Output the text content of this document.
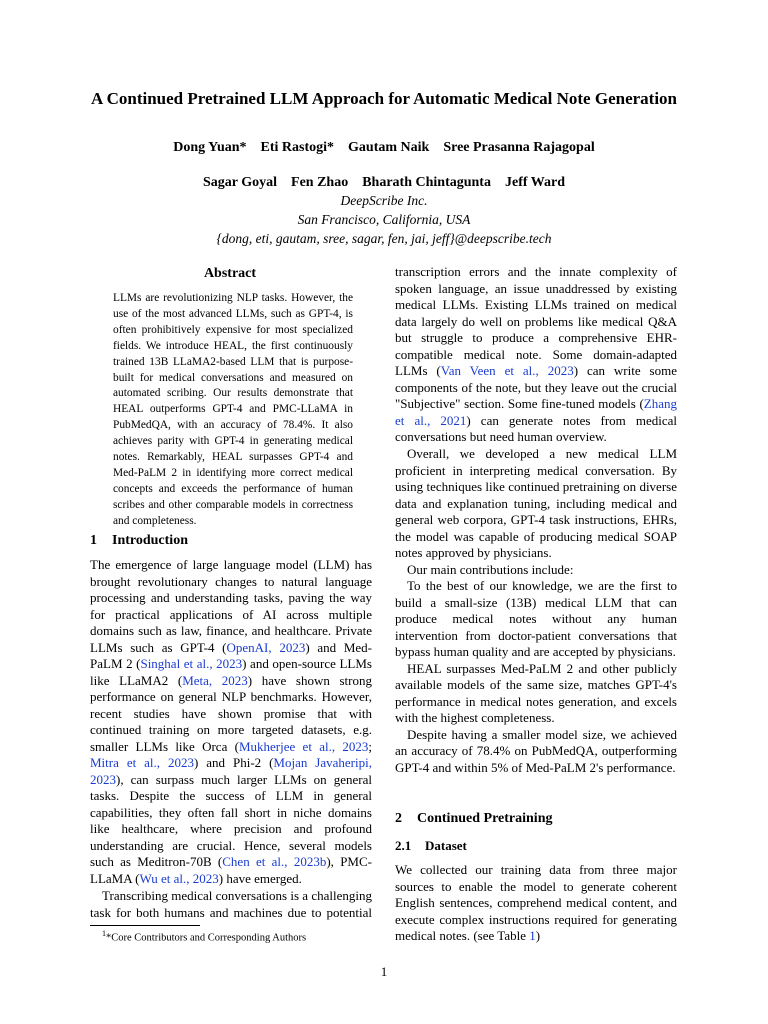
A Continued Pretrained LLM Approach for Automatic Medical Note Generation
Dong Yuan* Eti Rastogi* Gautam Naik Sree Prasanna Rajagopal
Sagar Goyal Fen Zhao Bharath Chintagunta Jeff Ward
DeepScribe Inc.
San Francisco, California, USA
{dong, eti, gautam, sree, sagar, fen, jai, jeff}@deepscribe.tech
Abstract
LLMs are revolutionizing NLP tasks. However, the use of the most advanced LLMs, such as GPT-4, is often prohibitively expensive for most specialized fields. We introduce HEAL, the first continuously trained 13B LLaMA2-based LLM that is purpose-built for medical conversations and measured on automated scribing. Our results demonstrate that HEAL outperforms GPT-4 and PMC-LLaMA in PubMedQA, with an accuracy of 78.4%. It also achieves parity with GPT-4 in generating medical notes. Remarkably, HEAL surpasses GPT-4 and Med-PaLM 2 in identifying more correct medical concepts and exceeds the performance of human scribes and other comparable models in correctness and completeness.
1 Introduction

The emergence of large language model (LLM) has brought revolutionary changes to natural language processing and understanding tasks, paving the way for practical applications of AI across multiple domains such as law, finance, and healthcare. Private LLMs such as GPT-4 (OpenAI, 2023) and Med-PaLM 2 (Singhal et al., 2023) and open-source LLMs like LLaMA2 (Meta, 2023) have shown strong performance on general NLP benchmarks. However, recent studies have shown promise that with continued training on more targeted datasets, e.g. smaller LLMs like Orca (Mukherjee et al., 2023; Mitra et al., 2023) and Phi-2 (Mojan Javaheripi, 2023), can surpass much larger LLMs on general tasks. Despite the success of LLM in general capabilities, they often fall short in niche domains like healthcare, where precision and profound understanding are crucial. Hence, several models such as Meditron-70B (Chen et al., 2023b), PMC-LLaMA (Wu et al., 2023) have emerged.

Transcribing medical conversations is a challenging task for both humans and machines due to potential

transcription errors and the innate complexity of spoken language, an issue unaddressed by existing medical LLMs. Existing LLMs trained on medical data largely do well on problems like medical Q&A but struggle to produce a comprehensive EHR-compatible medical note. Some domain-adapted LLMs (Van Veen et al., 2023) can write some components of the note, but they leave out the crucial "Subjective" section. Some fine-tuned models (Zhang et al., 2021) can generate notes from medical conversations but need human overview.

Overall, we developed a new medical LLM proficient in interpreting medical conversation. By using techniques like continued pretraining on diverse data and explanation tuning, including medical and general web corpora, GPT-4 task instructions, EHRs, the model was capable of producing medical SOAP notes approved by physicians.

Our main contributions include:

To the best of our knowledge, we are the first to build a small-size (13B) medical LLM that can produce medical notes without any human intervention from doctor-patient conversations that bypass human quality and are accepted by physicians.

HEAL surpasses Med-PaLM 2 and other publicly available models of the same size, matches GPT-4's performance in medical notes generation, and excels with the highest completeness.

Despite having a smaller model size, we achieved an accuracy of 78.4% on PubMedQA, outperforming GPT-4 and within 5% of Med-PaLM 2's performance.

2 Continued Pretraining
2.1 Dataset

We collected our training data from three major sources to enable the model to generate coherent English sentences, comprehend medical content, and execute complex instructions required for generating medical notes. (see Table 1)

$^1$*Core Contributors and Corresponding Authors
1
